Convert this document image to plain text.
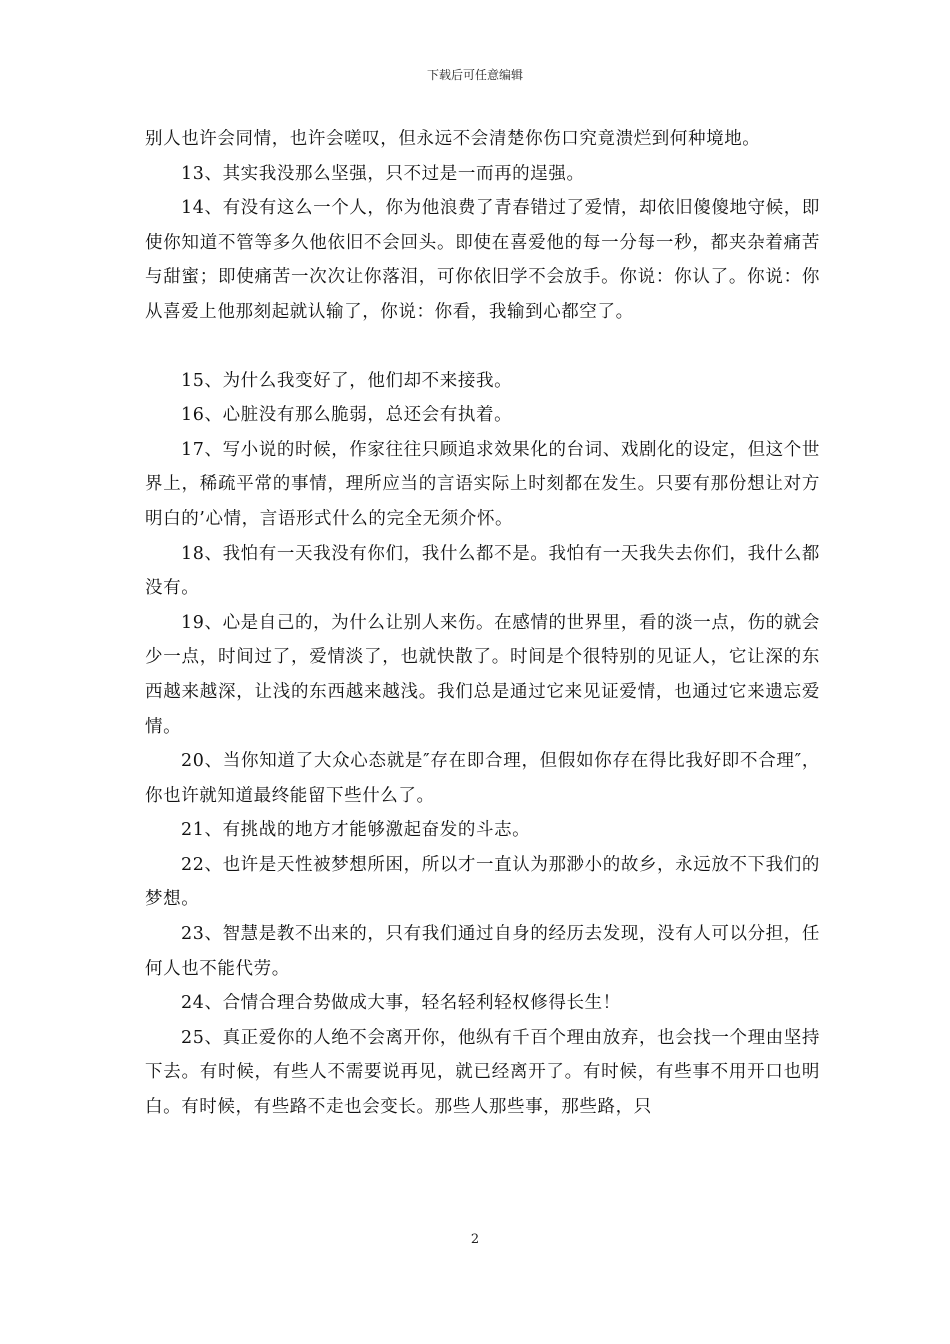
下载后可任意编辑

别人也许会同情，也许会嗟叹，但永远不会清楚你伤口究竟溃烂到何种境地。

13、其实我没那么坚强，只不过是一而再的逞强。

14、有没有这么一个人，你为他浪费了青春错过了爱情，却依旧傻傻地守候，即使你知道不管等多久他依旧不会回头。即使在喜爱他的每一分每一秒，都夹杂着痛苦与甜蜜；即使痛苦一次次让你落泪，可你依旧学不会放手。你说：你认了。你说：你从喜爱上他那刻起就认输了，你说：你看，我输到心都空了。

15、为什么我变好了，他们却不来接我。

16、心脏没有那么脆弱，总还会有执着。

17、写小说的时候，作家往往只顾追求效果化的台词、戏剧化的设定，但这个世界上，稀疏平常的事情，理所应当的言语实际上时刻都在发生。只要有那份想让对方明白的’心情，言语形式什么的完全无须介怀。

18、我怕有一天我没有你们，我什么都不是。我怕有一天我失去你们，我什么都没有。

19、心是自己的，为什么让别人来伤。在感情的世界里，看的淡一点，伤的就会少一点，时间过了，爱情淡了，也就快散了。时间是个很特别的见证人，它让深的东西越来越深，让浅的东西越来越浅。我们总是通过它来见证爱情，也通过它来遗忘爱情。

20、当你知道了大众心态就是″存在即合理，但假如你存在得比我好即不合理″，你也许就知道最终能留下些什么了。

21、有挑战的地方才能够激起奋发的斗志。

22、也许是天性被梦想所困，所以才一直认为那渺小的故乡，永远放不下我们的梦想。

23、智慧是教不出来的，只有我们通过自身的经历去发现，没有人可以分担，任何人也不能代劳。

24、合情合理合势做成大事，轻名轻利轻权修得长生！

25、真正爱你的人绝不会离开你，他纵有千百个理由放弃，也会找一个理由坚持下去。有时候，有些人不需要说再见，就已经离开了。有时候，有些事不用开口也明白。有时候，有些路不走也会变长。那些人那些事，那些路，只

2
